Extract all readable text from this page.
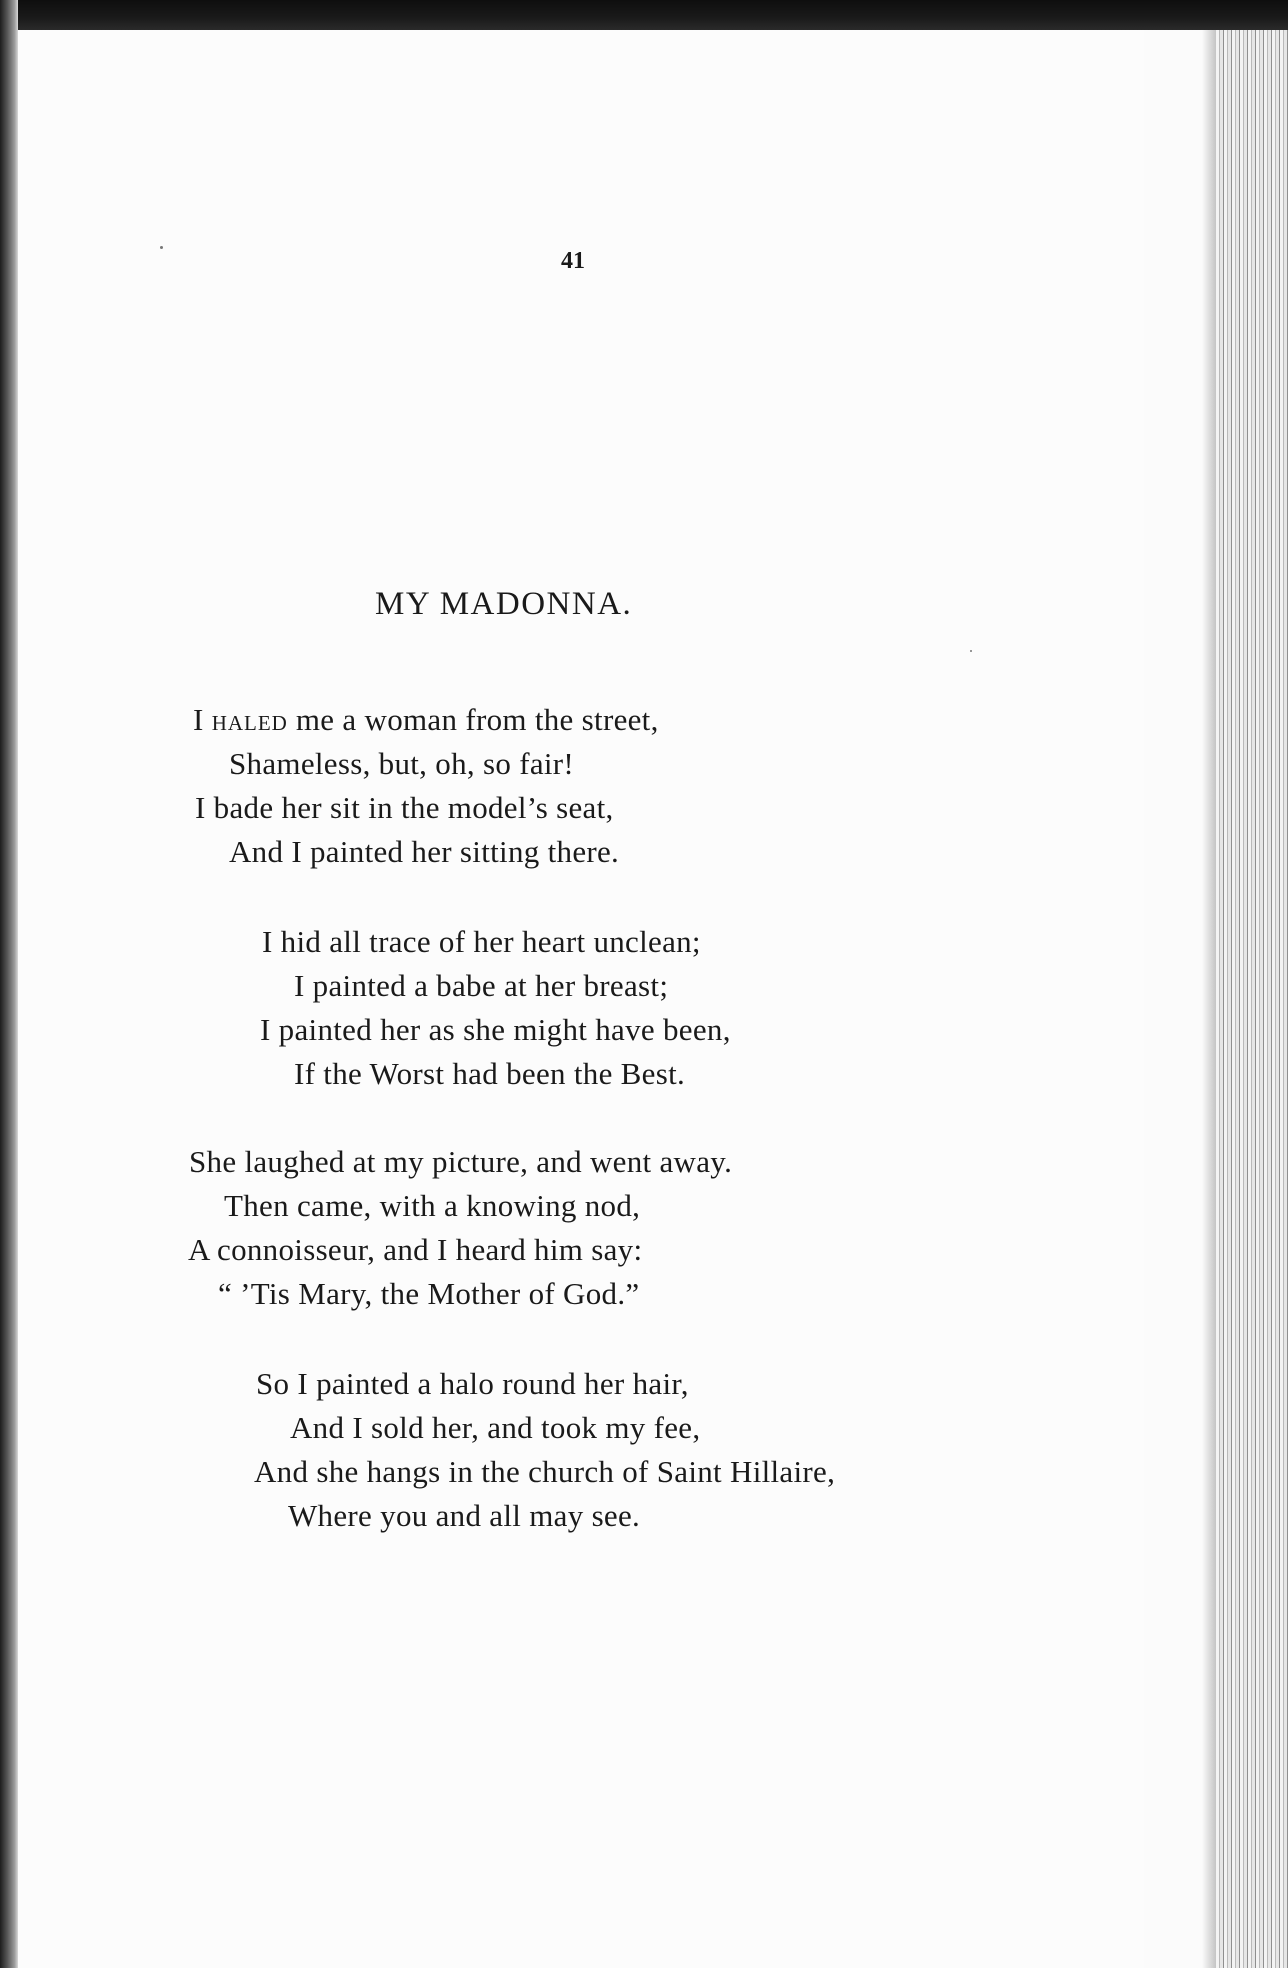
41
MY MADONNA.
I HALED me a woman from the street,
Shameless, but, oh, so fair!
I bade her sit in the model’s seat,
And I painted her sitting there.
I hid all trace of her heart unclean;
I painted a babe at her breast;
I painted her as she might have been,
If the Worst had been the Best.
She laughed at my picture, and went away.
Then came, with a knowing nod,
A connoisseur, and I heard him say:
“ ’Tis Mary, the Mother of God.”
So I painted a halo round her hair,
And I sold her, and took my fee,
And she hangs in the church of Saint Hillaire,
Where you and all may see.
